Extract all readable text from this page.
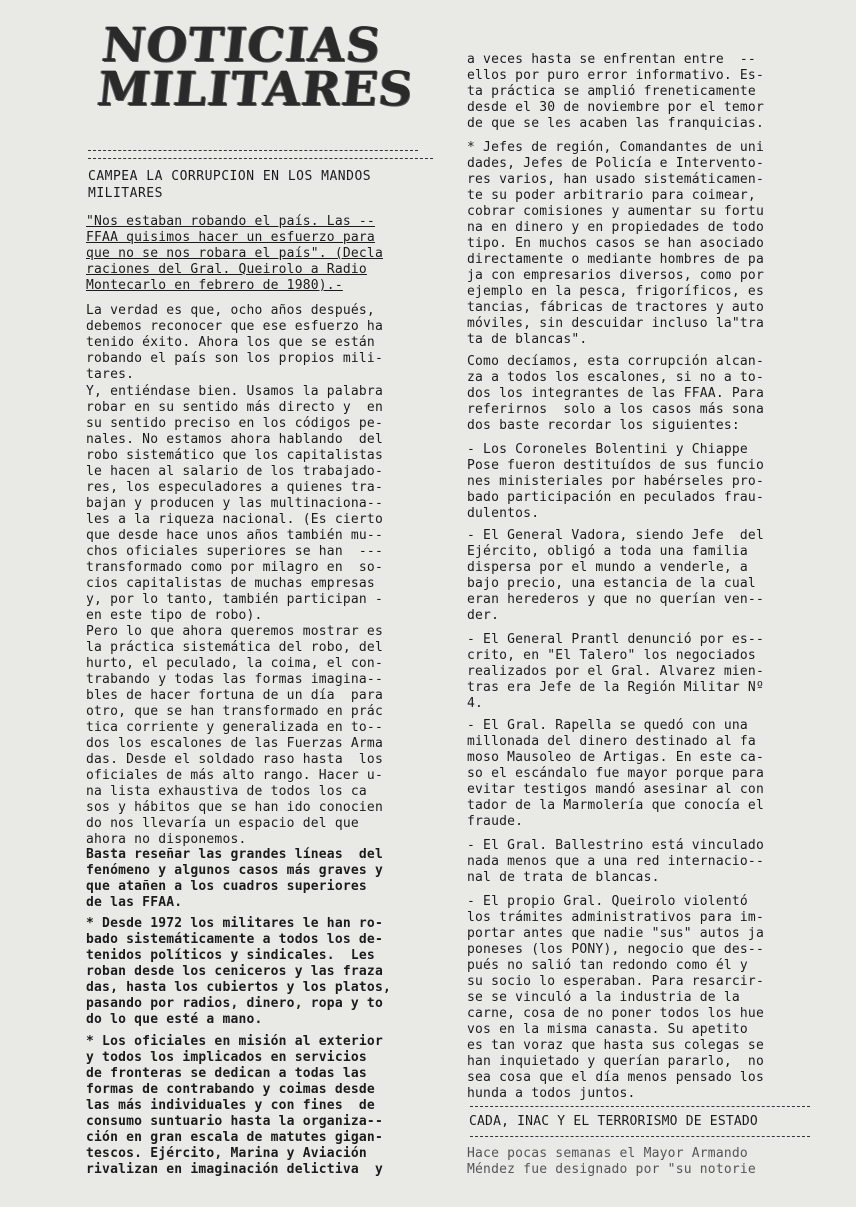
NOTICIAS
MILITARES
CAMPEA LA CORRUPCION EN LOS MANDOS MILITARES
"Nos estaban robando el país. Las --
FFAA quisimos hacer un esfuerzo para
que no se nos robara el país". (Decla
raciones del Gral. Queirolo a Radio
Montecarlo en febrero de 1980).-
La verdad es que, ocho años después,
debemos reconocer que ese esfuerzo ha
tenido éxito. Ahora los que se están
robando el país son los propios mili-
tares.
Y, entiéndase bien. Usamos la palabra
robar en su sentido más directo y  en
su sentido preciso en los códigos pe-
nales. No estamos ahora hablando  del
robo sistemático que los capitalistas
le hacen al salario de los trabajado-
res, los especuladores a quienes tra-
bajan y producen y las multinaciona--
les a la riqueza nacional. (Es cierto
que desde hace unos años también mu--
chos oficiales superiores se han  ---
transformado como por milagro en  so-
cios capitalistas de muchas empresas
y, por lo tanto, también participan -
en este tipo de robo).
Pero lo que ahora queremos mostrar es
la práctica sistemática del robo, del
hurto, el peculado, la coima, el con-
trabando y todas las formas imagina--
bles de hacer fortuna de un día  para
otro, que se han transformado en prác
tica corriente y generalizada en to--
dos los escalones de las Fuerzas Arma
das. Desde el soldado raso hasta  los
oficiales de más alto rango. Hacer u-
na lista exhaustiva de todos los ca
sos y hábitos que se han ido conocien
do nos llevaría un espacio del que
ahora no disponemos.
Basta reseñar las grandes líneas  del
fenómeno y algunos casos más graves y
que atañen a los cuadros superiores
de las FFAA.
* Desde 1972 los militares le han ro-
bado sistemáticamente a todos los de-
tenidos políticos y sindicales.  Les
roban desde los ceniceros y las fraza
das, hasta los cubiertos y los platos,
pasando por radios, dinero, ropa y to
do lo que esté a mano.
* Los oficiales en misión al exterior
y todos los implicados en servicios
de fronteras se dedican a todas las
formas de contrabando y coimas desde
las más individuales y con fines  de
consumo suntuario hasta la organiza--
ción en gran escala de matutes gigan-
tescos. Ejército, Marina y Aviación
rivalizan en imaginación delictiva  y
a veces hasta se enfrentan entre  --
ellos por puro error informativo. Es-
ta práctica se amplió freneticamente
desde el 30 de noviembre por el temor
de que se les acaben las franquicias.
* Jefes de región, Comandantes de uni
dades, Jefes de Policía e Intervento-
res varios, han usado sistemáticamen-
te su poder arbitrario para coimear,
cobrar comisiones y aumentar su fortu
na en dinero y en propiedades de todo
tipo. En muchos casos se han asociado
directamente o mediante hombres de pa
ja con empresarios diversos, como por
ejemplo en la pesca, frigoríficos, es
tancias, fábricas de tractores y auto
móviles, sin descuidar incluso la"tra
ta de blancas".
Como decíamos, esta corrupción alcan-
za a todos los escalones, si no a to-
dos los integrantes de las FFAA. Para
referirnos  solo a los casos más sona
dos baste recordar los siguientes:
- Los Coroneles Bolentini y Chiappe
Pose fueron destituídos de sus funcio
nes ministeriales por habérseles pro-
bado participación en peculados frau-
dulentos.
- El General Vadora, siendo Jefe  del
Ejército, obligó a toda una familia
dispersa por el mundo a venderle, a
bajo precio, una estancia de la cual
eran herederos y que no querían ven--
der.
- El General Prantl denunció por es--
crito, en "El Talero" los negociados
realizados por el Gral. Alvarez mien-
tras era Jefe de la Región Militar Nº
4.
- El Gral. Rapella se quedó con una
millonada del dinero destinado al fa
moso Mausoleo de Artigas. En este ca-
so el escándalo fue mayor porque para
evitar testigos mandó asesinar al con
tador de la Marmolería que conocía el
fraude.
- El Gral. Ballestrino está vinculado
nada menos que a una red internacio--
nal de trata de blancas.
- El propio Gral. Queirolo violentó
los trámites administrativos para im-
portar antes que nadie "sus" autos ja
poneses (los PONY), negocio que des--
pués no salió tan redondo como él y
su socio lo esperaban. Para resarcir-
se se vinculó a la industria de la
carne, cosa de no poner todos los hue
vos en la misma canasta. Su apetito
es tan voraz que hasta sus colegas se
han inquietado y querían pararlo,  no
sea cosa que el día menos pensado los
hunda a todos juntos.
CADA, INAC Y EL TERRORISMO DE ESTADO
Hace pocas semanas el Mayor Armando
Méndez fue designado por "su notorie
